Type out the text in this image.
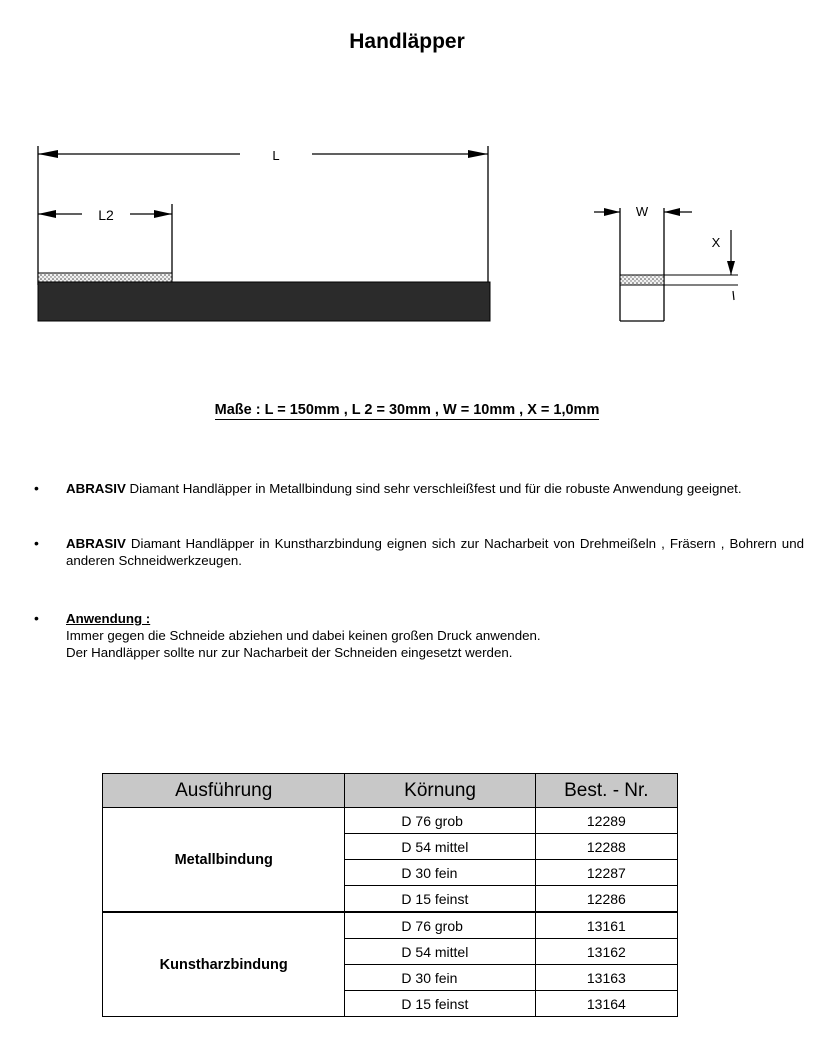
Handläpper
L
L2	W
X
Maße : L = 150mm , L 2 = 30mm , W = 10mm , X = 1,0mm
• ABRASIV Diamant Handläpper in Metallbindung sind sehr verschleißfest und für die robuste Anwendung geeignet.
• ABRASIV Diamant Handläpper in Kunstharzbindung eignen sich zur Nacharbeit von Drehmeißeln , Fräsern , Bohrern und anderen Schneidwerkzeugen.
• Anwendung :
Immer gegen die Schneide abziehen und dabei keinen großen Druck anwenden.
Der Handläpper sollte nur zur Nacharbeit der Schneiden eingesetzt werden.
Ausführung	Körnung	Best. - Nr.
Metallbindung	D 76 grob	12289
	D 54 mittel	12288
	D 30 fein	12287
	D 15 feinst	12286
Kunstharzbindung	D 76 grob	13161
	D 54 mittel	13162
	D 30 fein	13163
	D 15 feinst	13164
